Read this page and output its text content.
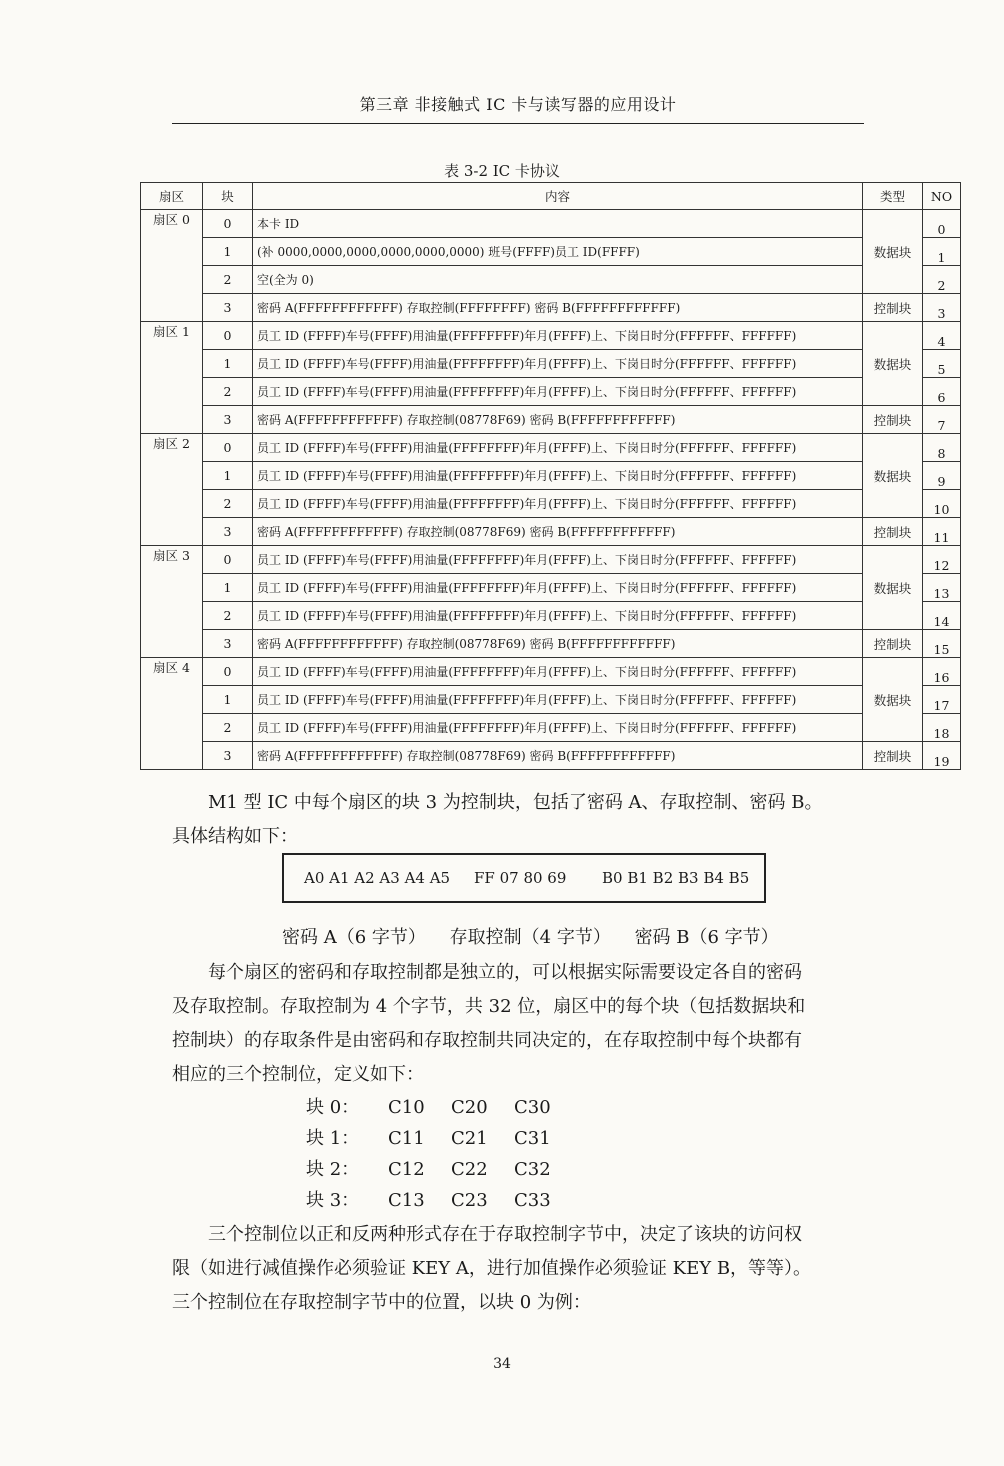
第三章 非接触式 IC 卡与读写器的应用设计
表 3-2 IC 卡协议
扇区	块	内容	类型	NO
扇区 0	0	本卡 ID	数据块	0
	1	(补 0000,0000,0000,0000,0000,0000) 班号(FFFF)员工 ID(FFFF)		1
	2	空(全为 0)		2
	3	密码 A(FFFFFFFFFFFF) 存取控制(FFFFFFFF) 密码 B(FFFFFFFFFFFF)	控制块	3
扇区 1	0	员工 ID (FFFF)车号(FFFF)用油量(FFFFFFFF)年月(FFFF)上、下岗日时分(FFFFFF、FFFFFF)	数据块	4
	1	员工 ID (FFFF)车号(FFFF)用油量(FFFFFFFF)年月(FFFF)上、下岗日时分(FFFFFF、FFFFFF)		5
	2	员工 ID (FFFF)车号(FFFF)用油量(FFFFFFFF)年月(FFFF)上、下岗日时分(FFFFFF、FFFFFF)		6
	3	密码 A(FFFFFFFFFFFF) 存取控制(08778F69) 密码 B(FFFFFFFFFFFF)	控制块	7
扇区 2	0	员工 ID (FFFF)车号(FFFF)用油量(FFFFFFFF)年月(FFFF)上、下岗日时分(FFFFFF、FFFFFF)	数据块	8
	1	员工 ID (FFFF)车号(FFFF)用油量(FFFFFFFF)年月(FFFF)上、下岗日时分(FFFFFF、FFFFFF)		9
	2	员工 ID (FFFF)车号(FFFF)用油量(FFFFFFFF)年月(FFFF)上、下岗日时分(FFFFFF、FFFFFF)		10
	3	密码 A(FFFFFFFFFFFF) 存取控制(08778F69) 密码 B(FFFFFFFFFFFF)	控制块	11
扇区 3	0	员工 ID (FFFF)车号(FFFF)用油量(FFFFFFFF)年月(FFFF)上、下岗日时分(FFFFFF、FFFFFF)	数据块	12
	1	员工 ID (FFFF)车号(FFFF)用油量(FFFFFFFF)年月(FFFF)上、下岗日时分(FFFFFF、FFFFFF)		13
	2	员工 ID (FFFF)车号(FFFF)用油量(FFFFFFFF)年月(FFFF)上、下岗日时分(FFFFFF、FFFFFF)		14
	3	密码 A(FFFFFFFFFFFF) 存取控制(08778F69) 密码 B(FFFFFFFFFFFF)	控制块	15
扇区 4	0	员工 ID (FFFF)车号(FFFF)用油量(FFFFFFFF)年月(FFFF)上、下岗日时分(FFFFFF、FFFFFF)	数据块	16
	1	员工 ID (FFFF)车号(FFFF)用油量(FFFFFFFF)年月(FFFF)上、下岗日时分(FFFFFF、FFFFFF)		17
	2	员工 ID (FFFF)车号(FFFF)用油量(FFFFFFFF)年月(FFFF)上、下岗日时分(FFFFFF、FFFFFF)		18
	3	密码 A(FFFFFFFFFFFF) 存取控制(08778F69) 密码 B(FFFFFFFFFFFF)	控制块	19
M1 型 IC 中每个扇区的块 3 为控制块，包括了密码 A、存取控制、密码 B。
具体结构如下：
A0 A1 A2 A3 A4 A5	FF 07 80 69	B0 B1 B2 B3 B4 B5
密码 A（6 字节） 存取控制（4 字节） 密码 B（6 字节）
　　每个扇区的密码和存取控制都是独立的，可以根据实际需要设定各自的密码
及存取控制。存取控制为 4 个字节，共 32 位，扇区中的每个块（包括数据块和
控制块）的存取条件是由密码和存取控制共同决定的，在存取控制中每个块都有
相应的三个控制位，定义如下：
块 0： C10 C20 C30
块 1： C11 C21 C31
块 2： C12 C22 C32
块 3： C13 C23 C33
　　三个控制位以正和反两种形式存在于存取控制字节中，决定了该块的访问权
限（如进行减值操作必须验证 KEY A，进行加值操作必须验证 KEY B，等等）。
三个控制位在存取控制字节中的位置，以块 0 为例：
34
